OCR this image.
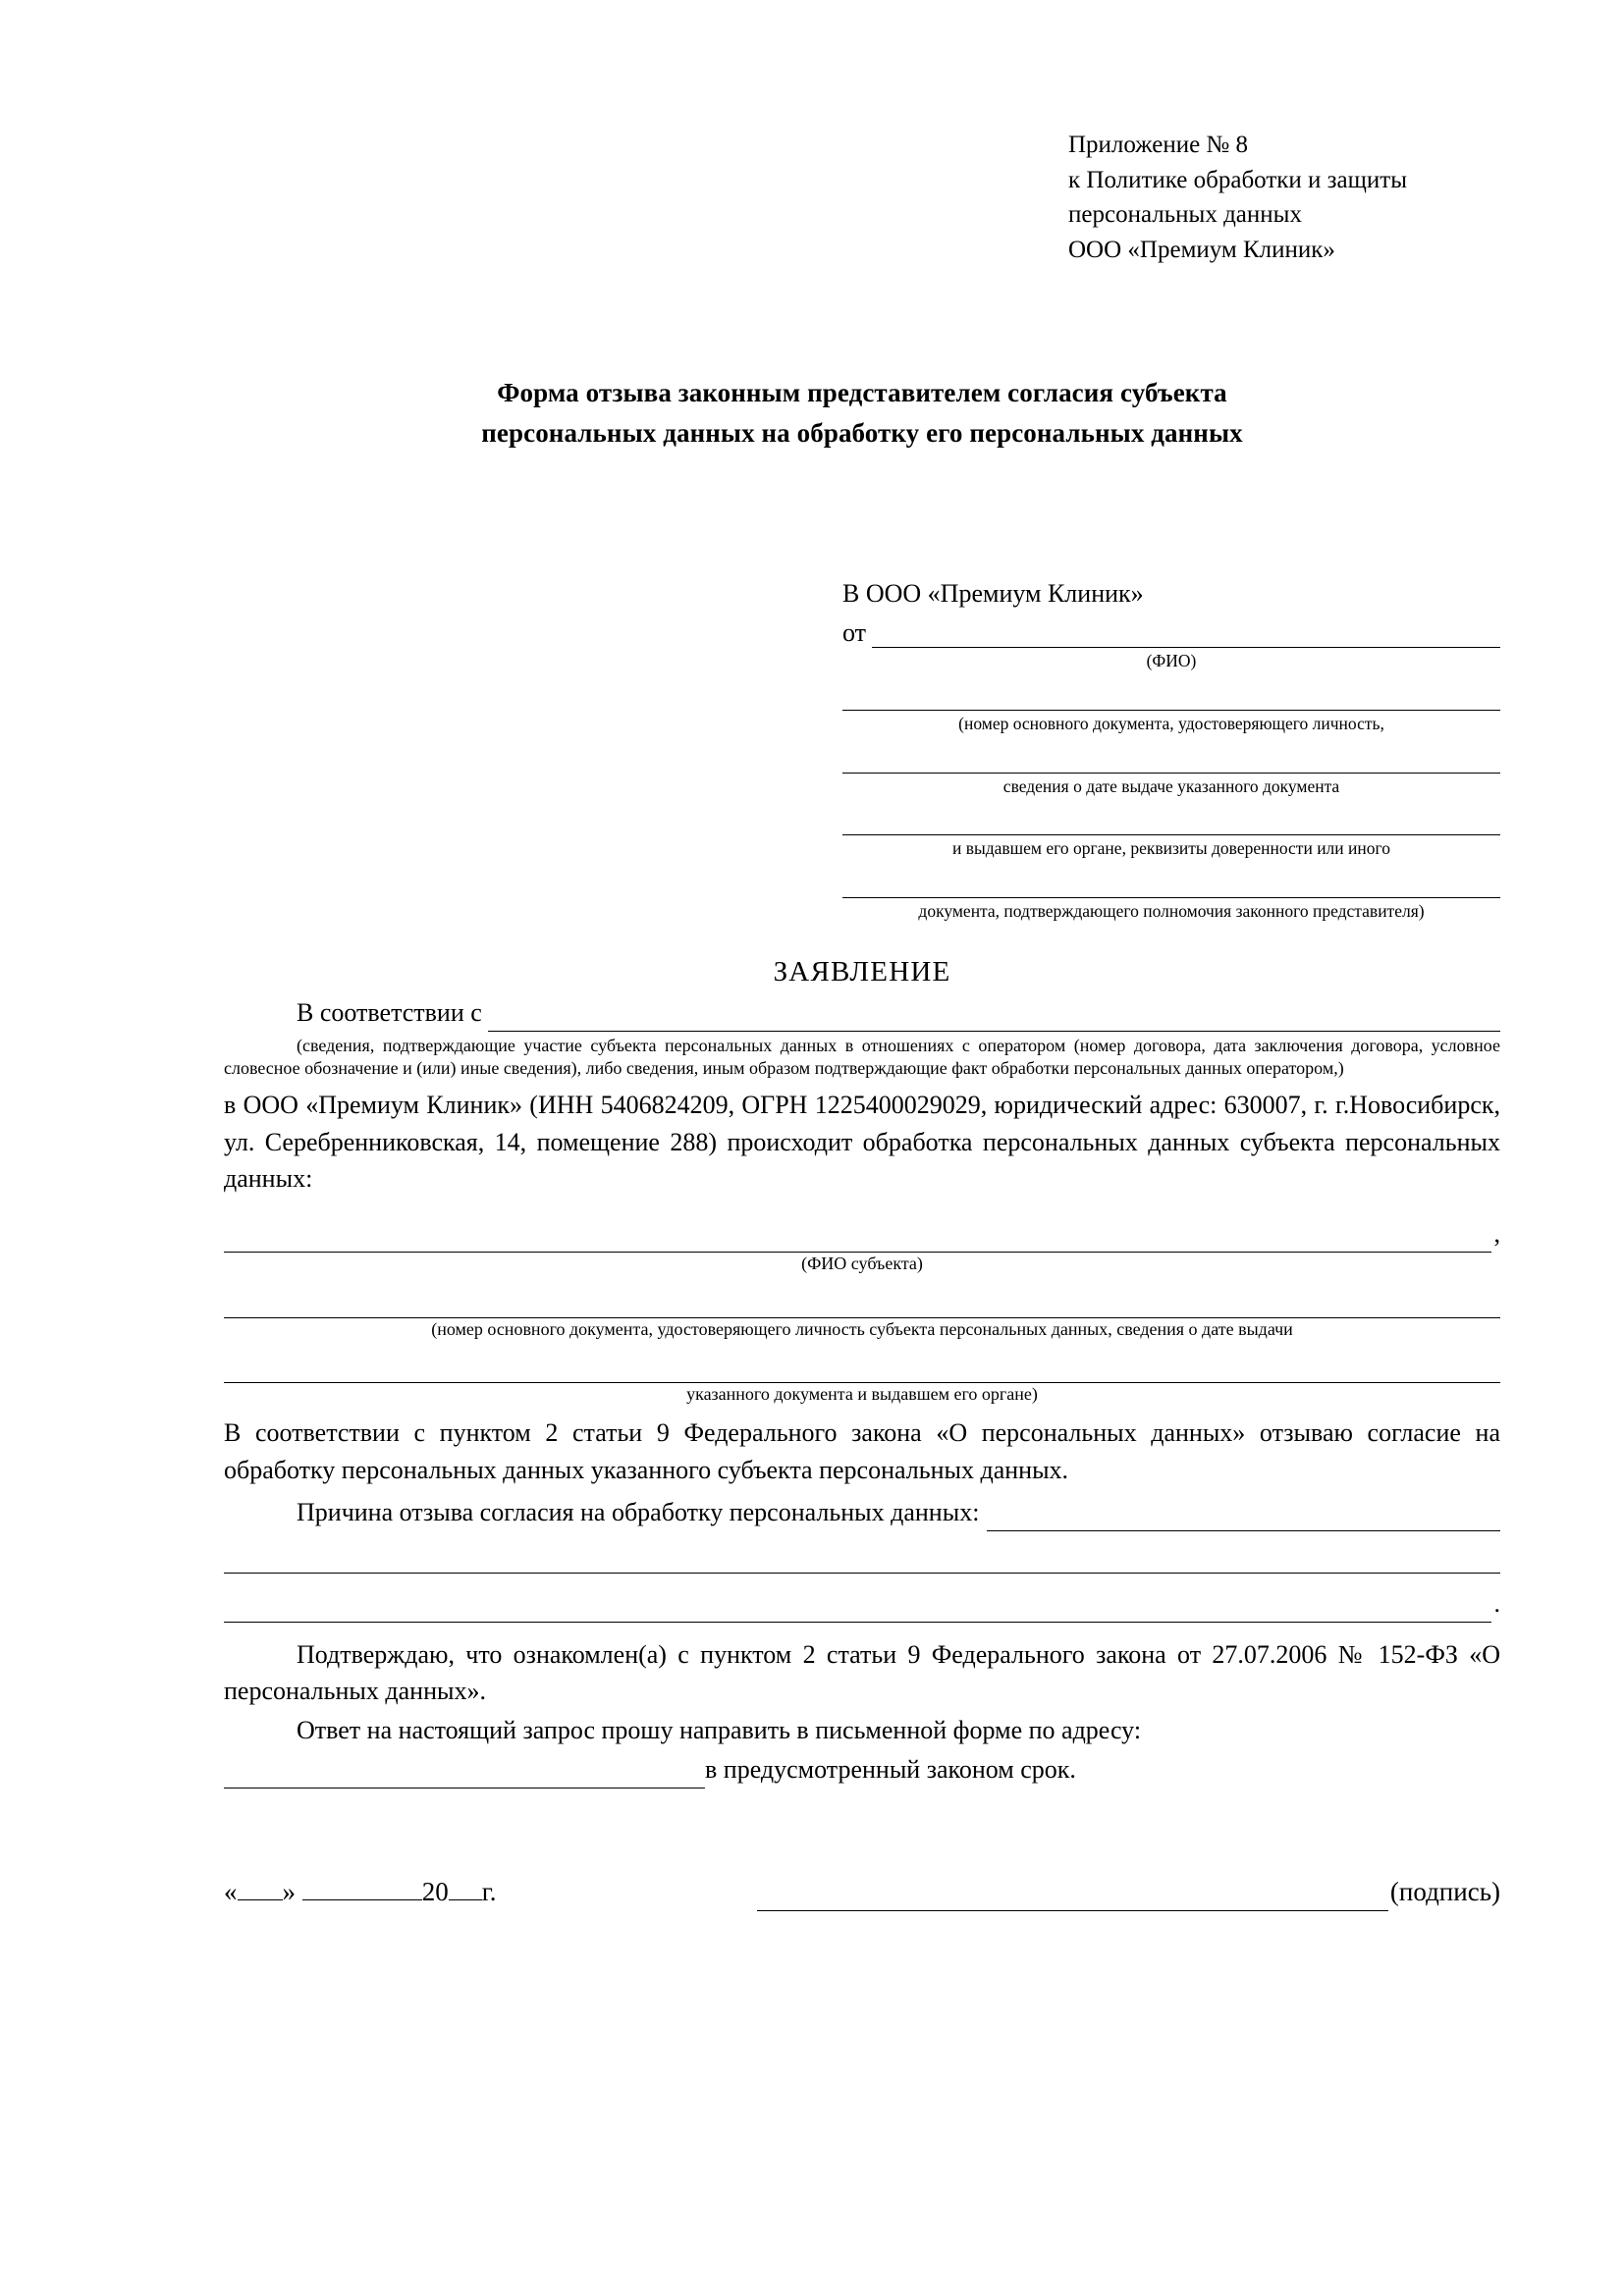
Приложение № 8
к Политике обработки и защиты
персональных данных
ООО «Премиум Клиник»
Форма отзыва законным представителем согласия субъекта
персональных данных на обработку его персональных данных
В ООО «Премиум Клиник»
от
(ФИО)
(номер основного документа, удостоверяющего личность,
сведения о дате выдаче указанного документа
и выдавшем его органе, реквизиты доверенности или иного
документа, подтверждающего полномочия законного представителя)
ЗАЯВЛЕНИЕ
В соответствии с
(сведения, подтверждающие участие субъекта персональных данных в отношениях с оператором (номер договора, дата заключения договора, условное словесное обозначение и (или) иные сведения), либо сведения, иным образом подтверждающие факт обработки персональных данных оператором,)

в ООО «Премиум Клиник» (ИНН 5406824209, ОГРН 1225400029029, юридический адрес: 630007, г. г.Новосибирск, ул. Серебренниковская, 14, помещение 288) происходит обработка персональных данных субъекта персональных данных:

,
(ФИО субъекта)
(номер основного документа, удостоверяющего личность субъекта персональных данных, сведения о дате выдачи
указанного документа и выдавшем его органе)

В соответствии с пунктом 2 статьи 9 Федерального закона «О персональных данных» отзываю согласие на обработку персональных данных указанного субъекта персональных данных.

Причина отзыва согласия на обработку персональных данных:
.

Подтверждаю, что ознакомлен(а) с пунктом 2 статьи 9 Федерального закона от 27.07.2006 № 152-ФЗ «О персональных данных».

Ответ на настоящий запрос прошу направить в письменной форме по адресу:

в предусмотренный законом срок.
« »	20 г.	(подпись)
